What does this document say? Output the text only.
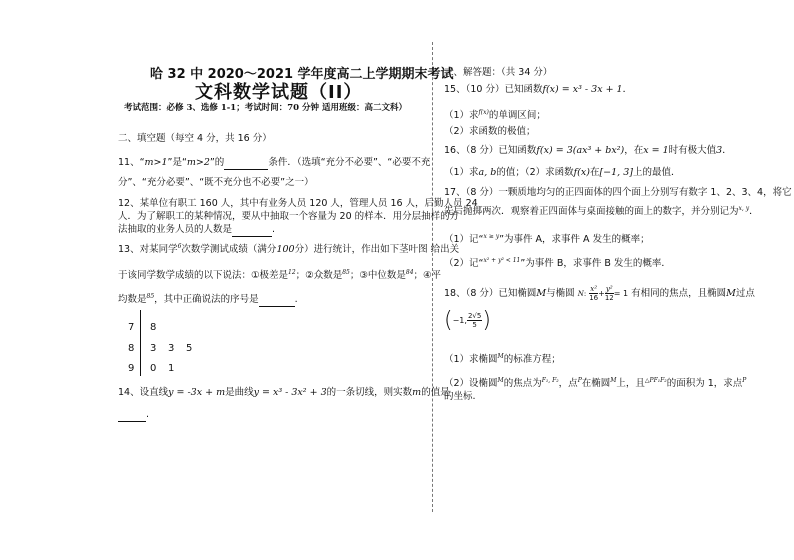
哈 32 中 2020～2021 学年度高二上学期期末考试
文科数学试题（II）
考试范围：必修 3、选修 1-1；考试时间：70 分钟 适用班级：高二文科）
二、填空题（每空 4 分，共 16 分）
11、“m>1”是“m>2”的	条件．（选填“充分不必要”、“必要不充
分”、“充分必要”、“既不充分也不必要”之一）
12、某单位有职工 160 人，其中有业务人员 120 人，管理人员 16 人，后勤人员 24
人．为了解职工的某种情况，要从中抽取一个容量为 20 的样本．用分层抽样的方
法抽取的业务人员的人数是	.
13、对某同学$^6$次数学测试成绩（满分100分）进行统计，作出如下茎叶图 给出关
于该同学数学成绩的以下说法：①极差是$^{12}$；②众数是$^{85}$；③中位数是$^{84}$；④平
均数是$^{85}$，其中正确说法的序号是	.
7 8
8 3 3 5
9 0 1
14、设直线y = -3x + m是曲线y = x³ - 3x² + 3的一条切线，则实数m的值是
.
三、解答题：（共 34 分）
15、（10 分）已知函数f(x) = x³ - 3x + 1．
（1）求$^{f(x)}$的单调区间；
（2）求函数的极值；
16、（8 分）已知函数f(x) = 3(ax³ + bx²)，在x = 1时有极大值3．
（1）求a, b的值；（2）求函数f(x)在[−1, 3]上的最值．
17、（8 分）一颗质地均匀的正四面体的四个面上分别写有数字 1、2、3、4，将它
先后抛掷两次．观察着正四面体与桌面接触的面上的数字，并分别记为$^{x, y}$．
（1）记“$^{x \ge y}$”为事件 A，求事件 A 发生的概率；
（2）记“$^{x^2 + y^2 < 11}$”为事件 B，求事件 B 发生的概率．
18、（8 分）已知椭圆M与椭圆 N: $\frac{\text{x²}}{16} + \frac{\text{y²}}{12} = 1$ 有相同的焦点，且椭圆M过点
(−1, $\frac{2√5}{5}$ )
（1）求椭圆$^M$的标准方程；
（2）设椭圆$^M$的焦点为$^{F_1, F_2}$，点$^P$在椭圆$^M$上，且$^{\triangle PF_1F_2}$的面积为 1，求点$^P$
的坐标.
